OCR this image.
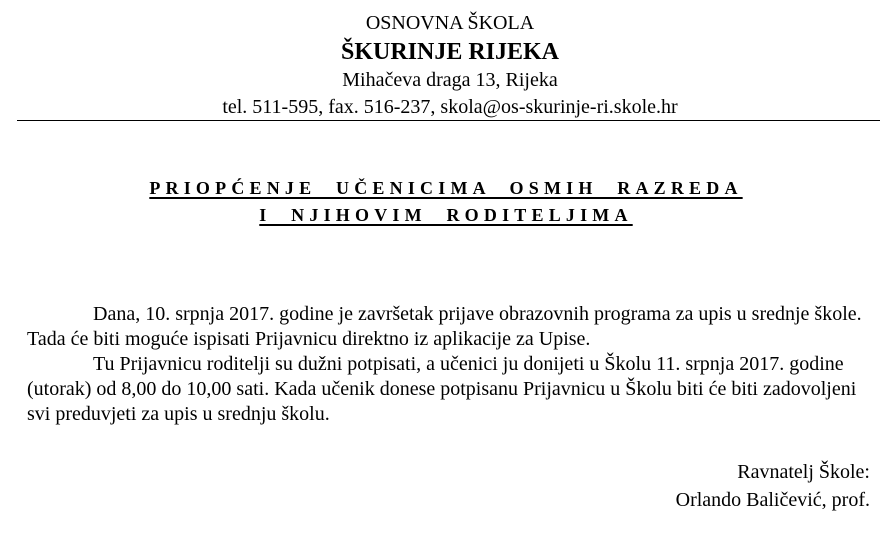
OSNOVNA ŠKOLA
ŠKURINJE RIJEKA
Mihačeva draga 13, Rijeka
tel. 511-595, fax. 516-237, skola@os-skurinje-ri.skole.hr
PRIOPĆENJE UČENICIMA OSMIH RAZREDA
I NJIHOVIM RODITELJIMA

Dana, 10. srpnja 2017. godine je završetak prijave obrazovnih programa za upis u srednje škole. Tada će biti moguće ispisati Prijavnicu direktno iz aplikacije za Upise.

Tu Prijavnicu roditelji su dužni potpisati, a učenici ju donijeti u Školu 11. srpnja 2017. godine (utorak) od 8,00 do 10,00 sati. Kada učenik donese potpisanu Prijavnicu u Školu biti će biti zadovoljeni svi preduvjeti za upis u srednju školu.

Ravnatelj Škole:
Orlando Baličević, prof.
